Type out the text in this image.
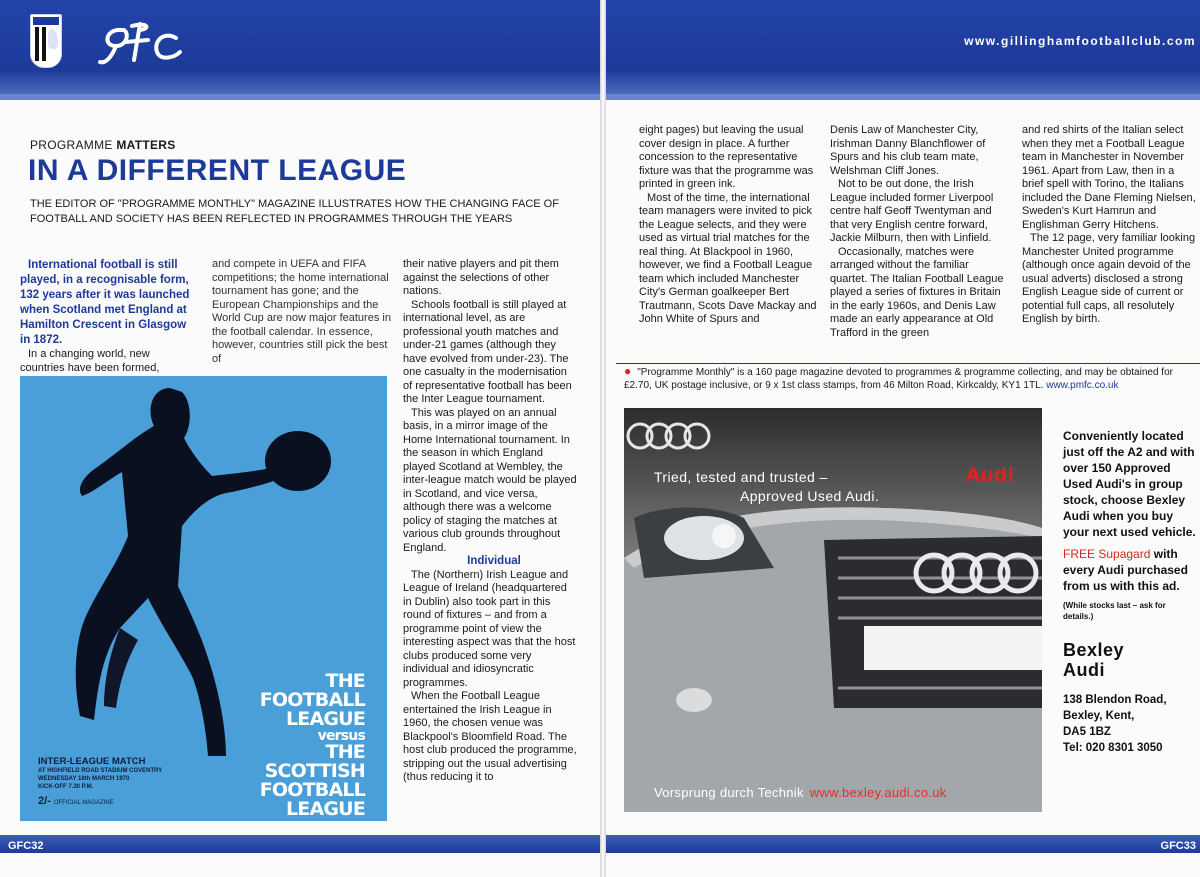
PROGRAMME MATTERS
IN A DIFFERENT LEAGUE
THE EDITOR OF "PROGRAMME MONTHLY" MAGAZINE ILLUSTRATES HOW THE CHANGING FACE OF FOOTBALL AND SOCIETY HAS BEEN REFLECTED IN PROGRAMMES THROUGH THE YEARS

International football is still played, in a recognisable form, 132 years after it was launched when Scotland met England at Hamilton Crescent in Glasgow in 1872.

In a changing world, new countries have been formed,

and compete in UEFA and FIFA competitions; the home international tournament has gone; and the European Championships and the World Cup are now major features in the football calendar. In essence, however, countries still pick the best of

their native players and pit them against the selections of other nations.

Schools football is still played at international level, as are professional youth matches and under-21 games (although they have evolved from under-23). The one casualty in the modernisation of representative football has been the Inter League tournament.

This was played on an annual basis, in a mirror image of the Home International tournament. In the season in which England played Scotland at Wembley, the inter-league match would be played in Scotland, and vice versa, although there was a welcome policy of staging the matches at various club grounds throughout England.

Individual

The (Northern) Irish League and League of Ireland (headquartered in Dublin) also took part in this round of fixtures – and from a programme point of view the interesting aspect was that the host clubs produced some very individual and idiosyncratic programmes.

When the Football League entertained the Irish League in 1960, the chosen venue was Blackpool's Bloomfield Road. The host club produced the programme, stripping out the usual advertising (thus reducing it to

THE
FOOTBALL
LEAGUE
versus
THE
SCOTTISH
FOOTBALL
LEAGUE
INTER-LEAGUE MATCH
AT HIGHFIELD ROAD STADIUM COVENTRY
WEDNESDAY 18th MARCH 1970
KICK-OFF 7.30 P.M.
2/- OFFICIAL MAGAZINE
GFC32
www.gillinghamfootballclub.com

eight pages) but leaving the usual cover design in place. A further concession to the representative fixture was that the programme was printed in green ink.

Most of the time, the international team managers were invited to pick the League selects, and they were used as virtual trial matches for the real thing. At Blackpool in 1960, however, we find a Football League team which included Manchester City's German goalkeeper Bert Trautmann, Scots Dave Mackay and John White of Spurs and

Denis Law of Manchester City, Irishman Danny Blanchflower of Spurs and his club team mate, Welshman Cliff Jones.

Not to be out done, the Irish League included former Liverpool centre half Geoff Twentyman and that very English centre forward, Jackie Milburn, then with Linfield.

Occasionally, matches were arranged without the familiar quartet. The Italian Football League played a series of fixtures in Britain in the early 1960s, and Denis Law made an early appearance at Old Trafford in the green

and red shirts of the Italian select when they met a Football League team in Manchester in November 1961. Apart from Law, then in a brief spell with Torino, the Italians included the Dane Fleming Nielsen, Sweden's Kurt Hamrun and Englishman Gerry Hitchens.

The 12 page, very familiar looking Manchester United programme (although once again devoid of the usual adverts) disclosed a strong English League side of current or potential full caps, all resolutely English by birth.

● "Programme Monthly" is a 160 page magazine devoted to programmes & programme collecting, and may be obtained for £2.70, UK postage inclusive, or 9 x 1st class stamps, from 46 Milton Road, Kirkcaldy, KY1 1TL. www.pmfc.co.uk
Tried, tested and trusted –
Approved Used Audi.
Audi
Vorsprung durch Technik www.bexley.audi.co.uk
Conveniently located just off the A2 and with over 150 Approved Used Audi's in group stock, choose Bexley Audi when you buy your next used vehicle.
FREE Supagard with every Audi purchased from us with this ad.
(While stocks last – ask for details.)
Bexley
Audi
138 Blendon Road,
Bexley, Kent,
DA5 1BZ
Tel: 020 8301 3050
GFC33
